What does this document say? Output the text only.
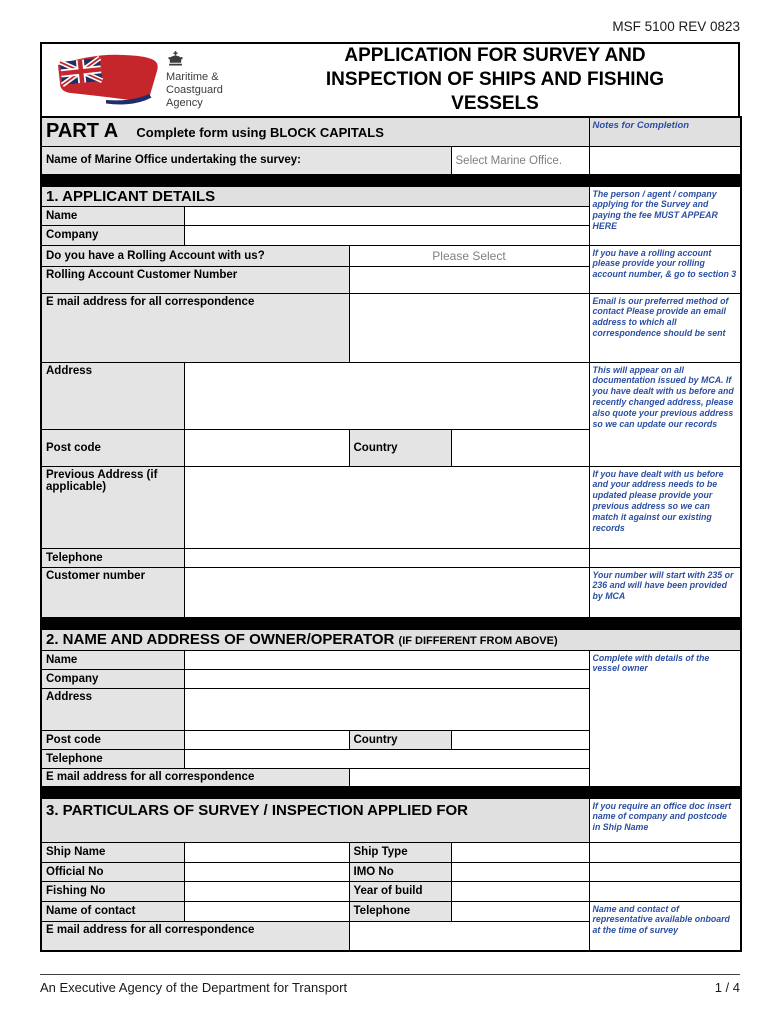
MSF 5100 REV 0823
Maritime &
Coastguard
Agency
APPLICATION FOR SURVEY AND INSPECTION OF SHIPS AND FISHING VESSELS
PART A Complete form using BLOCK CAPITALS				Notes for Completion
Name of Marine Office undertaking the survey:			Select Marine Office.	

1. APPLICANT DETAILS				The person / agent / company applying for the Survey and paying the fee MUST APPEAR HERE
Name				
Company				
Do you have a Rolling Account with us?		Please Select		If you have a rolling account please provide your rolling account number, & go to section 3
Rolling Account Customer Number				
E mail address for all correspondence				Email is our preferred method of contact Please provide an email address to which all correspondence should be sent
Address				This will appear on all documentation issued by MCA. If you have dealt with us before and recently changed address, please also quote your previous address so we can update our records
Post code		Country		
Previous Address (if applicable)				If you have dealt with us before and your address needs to be updated please provide your previous address so we can match it against our existing records
Telephone				
Customer number				Your number will start with 235 or 236 and will have been provided by MCA

2. NAME AND ADDRESS OF OWNER/OPERATOR (IF DIFFERENT FROM ABOVE)				
Name				Complete with details of the vessel owner
Company				
Address				
Post code		Country		
Telephone				
E mail address for all correspondence				

3. PARTICULARS OF SURVEY / INSPECTION APPLIED FOR				If you require an office doc insert name of company and postcode in Ship Name
Ship Name		Ship Type		
Official No		IMO No		
Fishing No		Year of build		
Name of contact		Telephone		Name and contact of representative available onboard at the time of survey
E mail address for all correspondence				
An Executive Agency of the Department for Transport	1 / 4
